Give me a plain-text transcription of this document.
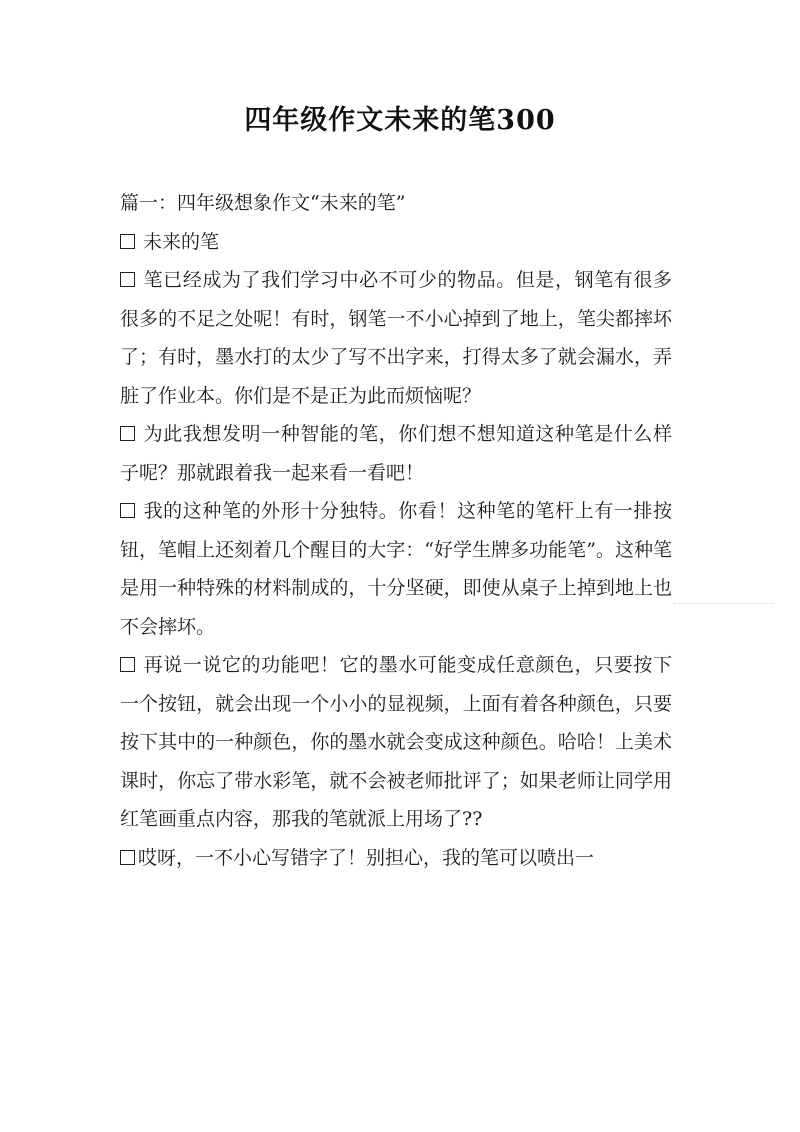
四年级作文未来的笔300

篇一：四年级想象作文“未来的笔”

未来的笔

笔已经成为了我们学习中必不可少的物品。但是，钢笔有很多很多的不足之处呢！有时，钢笔一不小心掉到了地上，笔尖都摔坏了；有时，墨水打的太少了写不出字来，打得太多了就会漏水，弄脏了作业本。你们是不是正为此而烦恼呢？

为此我想发明一种智能的笔，你们想不想知道这种笔是什么样子呢？那就跟着我一起来看一看吧！

我的这种笔的外形十分独特。你看！这种笔的笔杆上有一排按钮，笔帽上还刻着几个醒目的大字：“好学生牌多功能笔”。这种笔是用一种特殊的材料制成的，十分坚硬，即使从桌子上掉到地上也不会摔坏。

再说一说它的功能吧！它的墨水可能变成任意颜色，只要按下一个按钮，就会出现一个小小的显视频，上面有着各种颜色，只要按下其中的一种颜色，你的墨水就会变成这种颜色。哈哈！上美术课时，你忘了带水彩笔，就不会被老师批评了；如果老师让同学用红笔画重点内容，那我的笔就派上用场了??

哎呀，一不小心写错字了！别担心，我的笔可以喷出一
